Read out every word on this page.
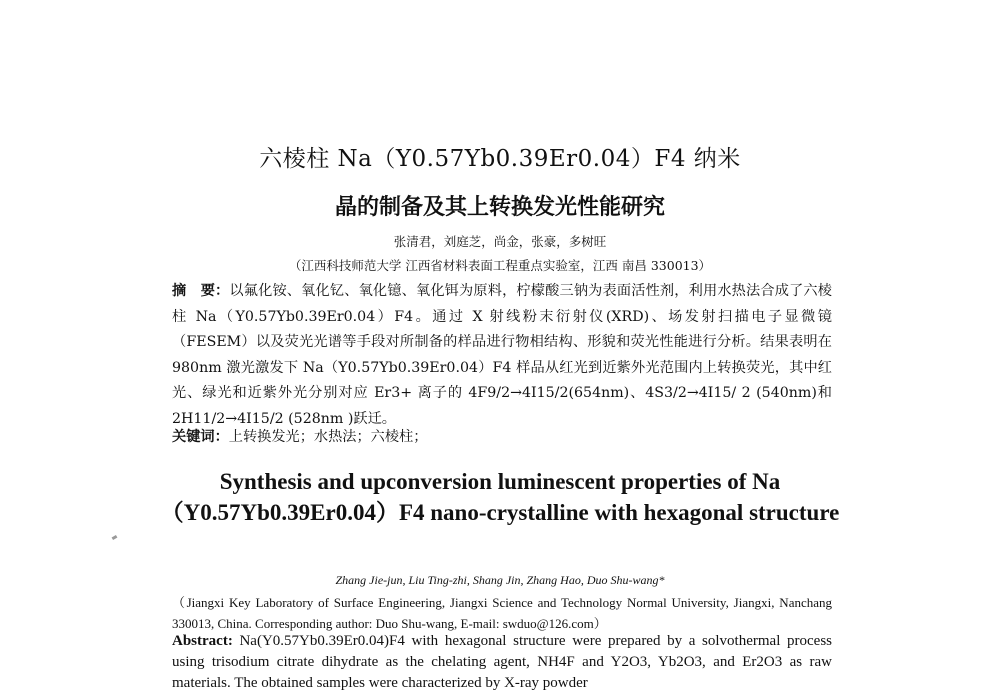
六棱柱 Na（Y0.57Yb0.39Er0.04）F4 纳米
晶的制备及其上转换发光性能研究
张清君，刘庭芝，尚金，张豪，多树旺
（江西科技师范大学 江西省材料表面工程重点实验室，江西 南昌 330013）
摘　要：以氟化铵、氧化钇、氧化镱、氧化铒为原料，柠檬酸三钠为表面活性剂，利用水热法合成了六棱柱 Na（Y0.57Yb0.39Er0.04）F4。通过 X 射线粉末衍射仪(XRD)、场发射扫描电子显微镜（FESEM）以及荧光光谱等手段对所制备的样品进行物相结构、形貌和荧光性能进行分析。结果表明在 980nm 激光激发下 Na（Y0.57Yb0.39Er0.04）F4 样品从红光到近紫外光范围内上转换荧光，其中红光、绿光和近紫外光分别对应 Er3+ 离子的 4F9/2→4I15/2(654nm)、4S3/2→4I15/ 2 (540nm)和 2H11/2→4I15/2 (528nm )跃迁。
关键词：上转换发光；水热法；六棱柱；
Synthesis and upconversion luminescent properties of Na（Y0.57Yb0.39Er0.04）F4 nano-crystalline with hexagonal structure
Zhang Jie-jun, Liu Ting-zhi, Shang Jin, Zhang Hao, Duo Shu-wang*
（Jiangxi Key Laboratory of Surface Engineering, Jiangxi Science and Technology Normal University, Jiangxi, Nanchang 330013, China. Corresponding author: Duo Shu-wang, E-mail: swduo@126.com）
Abstract: Na(Y0.57Yb0.39Er0.04)F4 with hexagonal structure were prepared by a solvothermal process using trisodium citrate dihydrate as the chelating agent, NH4F and Y2O3, Yb2O3, and Er2O3 as raw materials. The obtained samples were characterized by X-ray powder
